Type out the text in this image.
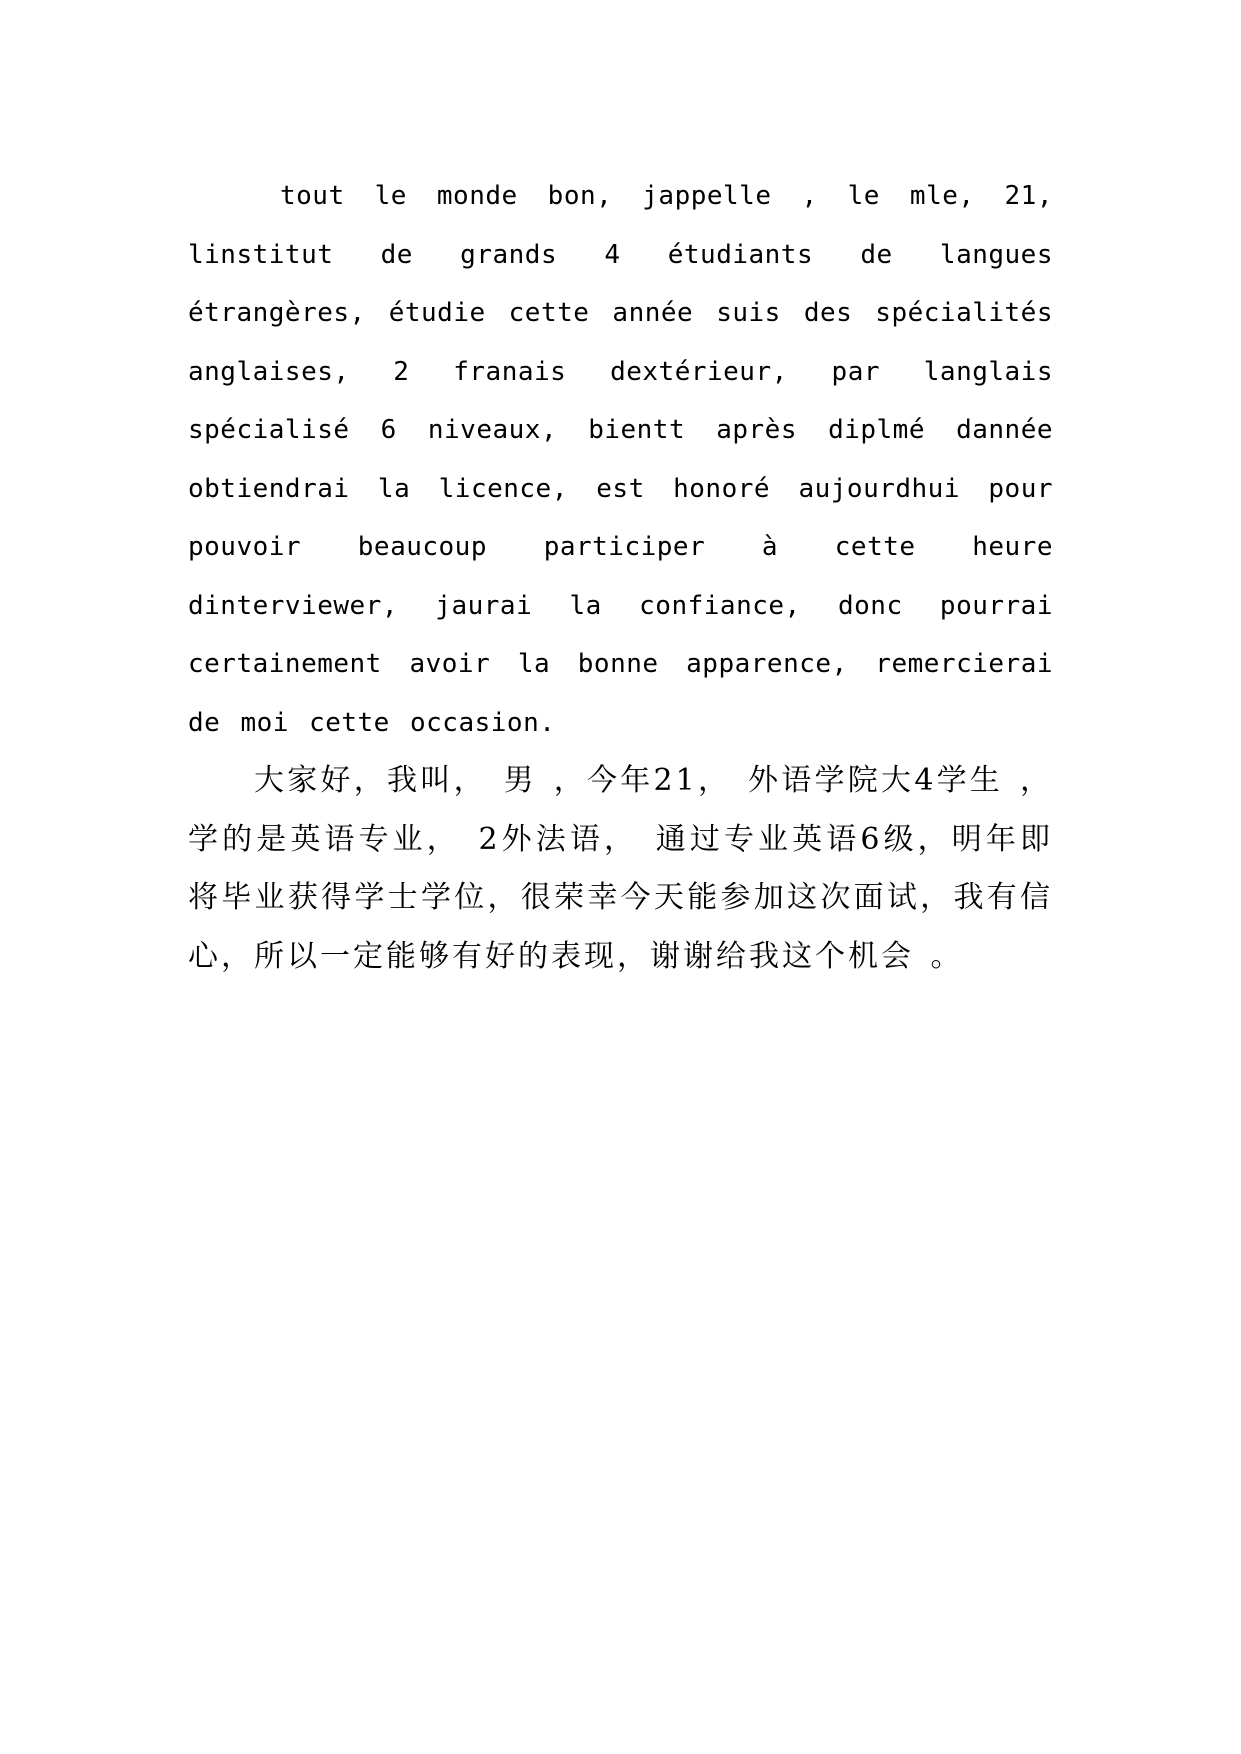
tout le monde bon, jappelle , le mle, 21, linstitut de grands 4 étudiants de langues étrangères, étudie cette année suis des spécialités anglaises, 2 franais dextérieur, par langlais spécialisé 6 niveaux, bientt après diplmé dannée obtiendrai la licence, est honoré aujourdhui pour pouvoir beaucoup participer à cette heure dinterviewer, jaurai la confiance, donc pourrai certainement avoir la bonne apparence, remercierai de moi cette occasion.

大家好，我叫， 男 ，今年21， 外语学院大4学生 ，学的是英语专业， 2外法语， 通过专业英语6级，明年即将毕业获得学士学位，很荣幸今天能参加这次面试，我有信心，所以一定能够有好的表现，谢谢给我这个机会 。
